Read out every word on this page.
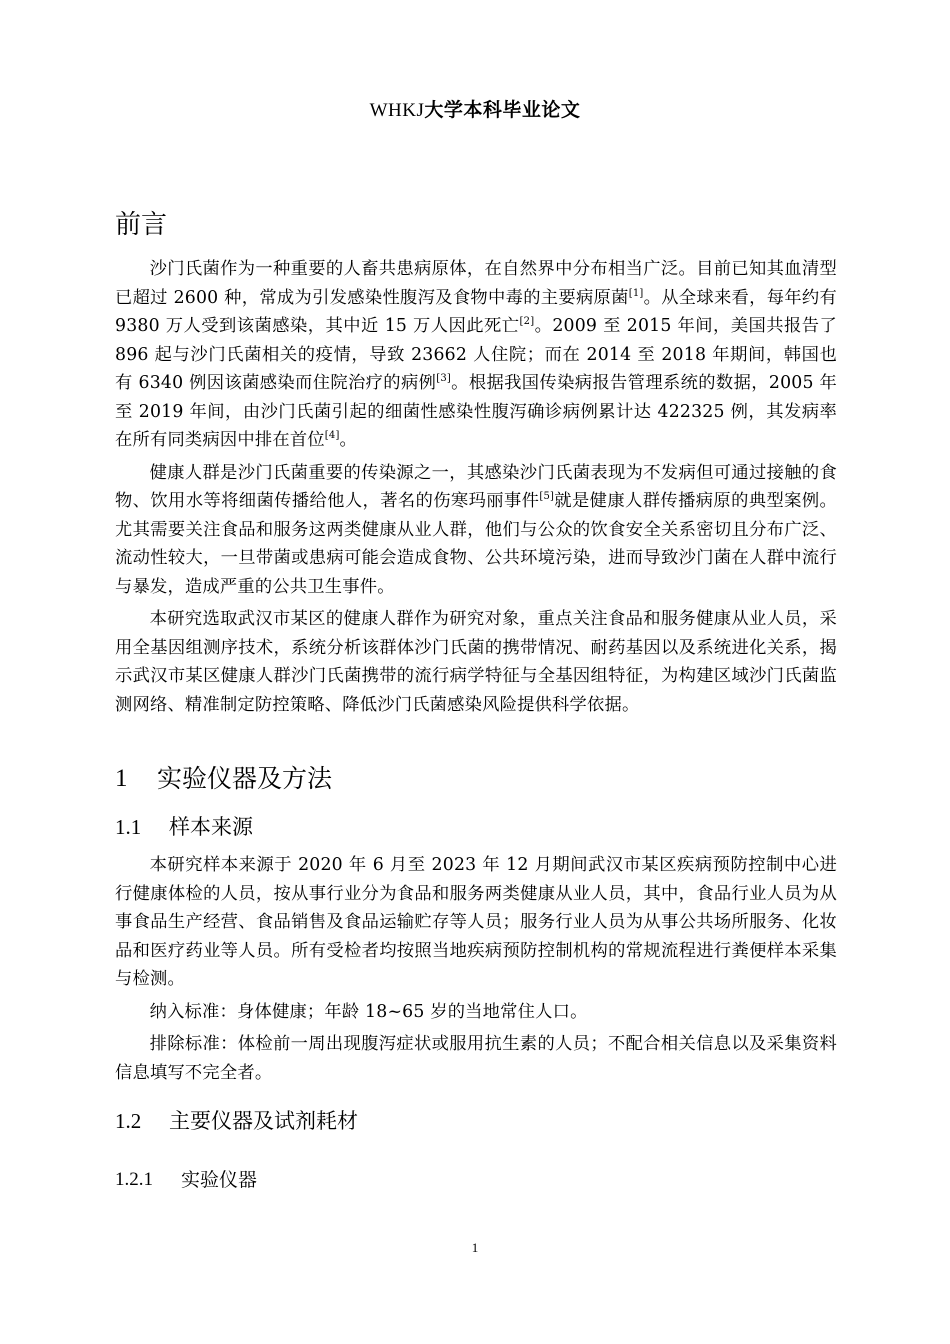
WHKJ大学本科毕业论文
前言

沙门氏菌作为一种重要的人畜共患病原体，在自然界中分布相当广泛。目前已知其血清型已超过 2600 种，常成为引发感染性腹泻及食物中毒的主要病原菌[1]。从全球来看，每年约有 9380 万人受到该菌感染，其中近 15 万人因此死亡[2]。2009 至 2015 年间，美国共报告了 896 起与沙门氏菌相关的疫情，导致 23662 人住院；而在 2014 至 2018 年期间，韩国也有 6340 例因该菌感染而住院治疗的病例[3]。根据我国传染病报告管理系统的数据，2005 年至 2019 年间，由沙门氏菌引起的细菌性感染性腹泻确诊病例累计达 422325 例，其发病率在所有同类病因中排在首位[4]。

健康人群是沙门氏菌重要的传染源之一，其感染沙门氏菌表现为不发病但可通过接触的食物、饮用水等将细菌传播给他人，著名的伤寒玛丽事件[5]就是健康人群传播病原的典型案例。尤其需要关注食品和服务这两类健康从业人群，他们与公众的饮食安全关系密切且分布广泛、流动性较大，一旦带菌或患病可能会造成食物、公共环境污染，进而导致沙门菌在人群中流行与暴发，造成严重的公共卫生事件。

本研究选取武汉市某区的健康人群作为研究对象，重点关注食品和服务健康从业人员，采用全基因组测序技术，系统分析该群体沙门氏菌的携带情况、耐药基因以及系统进化关系，揭示武汉市某区健康人群沙门氏菌携带的流行病学特征与全基因组特征，为构建区域沙门氏菌监测网络、精准制定防控策略、降低沙门氏菌感染风险提供科学依据。

1	实验仪器及方法
1.1	样本来源

本研究样本来源于 2020 年 6 月至 2023 年 12 月期间武汉市某区疾病预防控制中心进行健康体检的人员，按从事行业分为食品和服务两类健康从业人员，其中，食品行业人员为从事食品生产经营、食品销售及食品运输贮存等人员；服务行业人员为从事公共场所服务、化妆品和医疗药业等人员。所有受检者均按照当地疾病预防控制机构的常规流程进行粪便样本采集与检测。

纳入标准：身体健康；年龄 18~65 岁的当地常住人口。

排除标准：体检前一周出现腹泻症状或服用抗生素的人员；不配合相关信息以及采集资料信息填写不完全者。

1.2	主要仪器及试剂耗材
1.2.1	实验仪器
1
